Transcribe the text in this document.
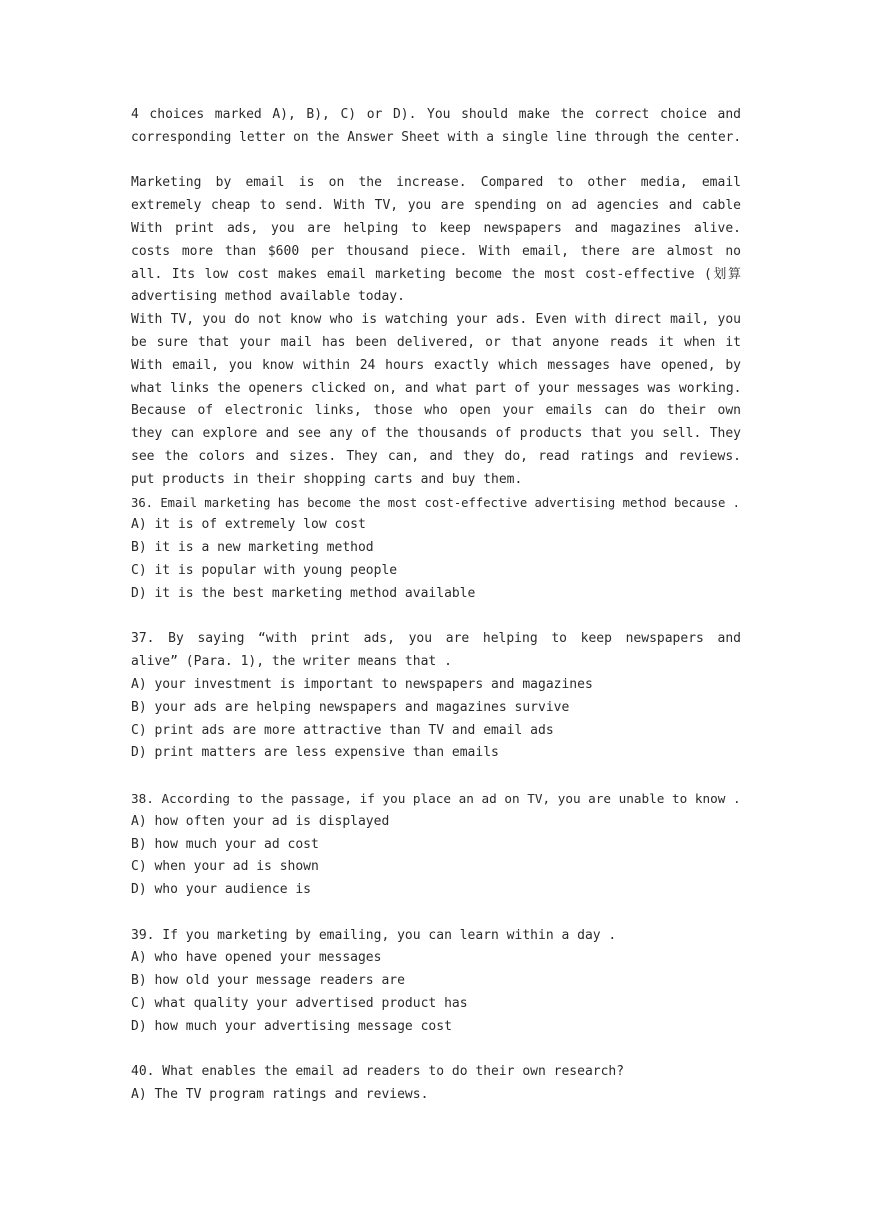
4 choices marked A), B), C) or D). You should make the correct choice and
corresponding letter on the Answer Sheet with a single line through the center.
Marketing by email is on the increase. Compared to other media, email
extremely cheap to send. With TV, you are spending on ad agencies and cable
With print ads, you are helping to keep newspapers and magazines alive.
costs more than $600 per thousand piece. With email, there are almost no
all. Its low cost makes email marketing become the most cost-effective (划算
advertising method available today.
With TV, you do not know who is watching your ads. Even with direct mail, you
be sure that your mail has been delivered, or that anyone reads it when it
With email, you know within 24 hours exactly which messages have opened, by
what links the openers clicked on, and what part of your messages was working.
Because of electronic links, those who open your emails can do their own
they can explore and see any of the thousands of products that you sell. They
see the colors and sizes. They can, and they do, read ratings and reviews.
put products in their shopping carts and buy them.
36. Email marketing has become the most cost-effective advertising method because .
A) it is of extremely low cost
B) it is a new marketing method
C) it is popular with young people
D) it is the best marketing method available
37. By saying “with print ads, you are helping to keep newspapers and
alive” (Para. 1), the writer means that .
A) your investment is important to newspapers and magazines
B) your ads are helping newspapers and magazines survive
C) print ads are more attractive than TV and email ads
D) print matters are less expensive than emails
38. According to the passage, if you place an ad on TV, you are unable to know .
A) how often your ad is displayed
B) how much your ad cost
C) when your ad is shown
D) who your audience is
39. If you marketing by emailing, you can learn within a day .
A) who have opened your messages
B) how old your message readers are
C) what quality your advertised product has
D) how much your advertising message cost
40. What enables the email ad readers to do their own research?
A) The TV program ratings and reviews.
